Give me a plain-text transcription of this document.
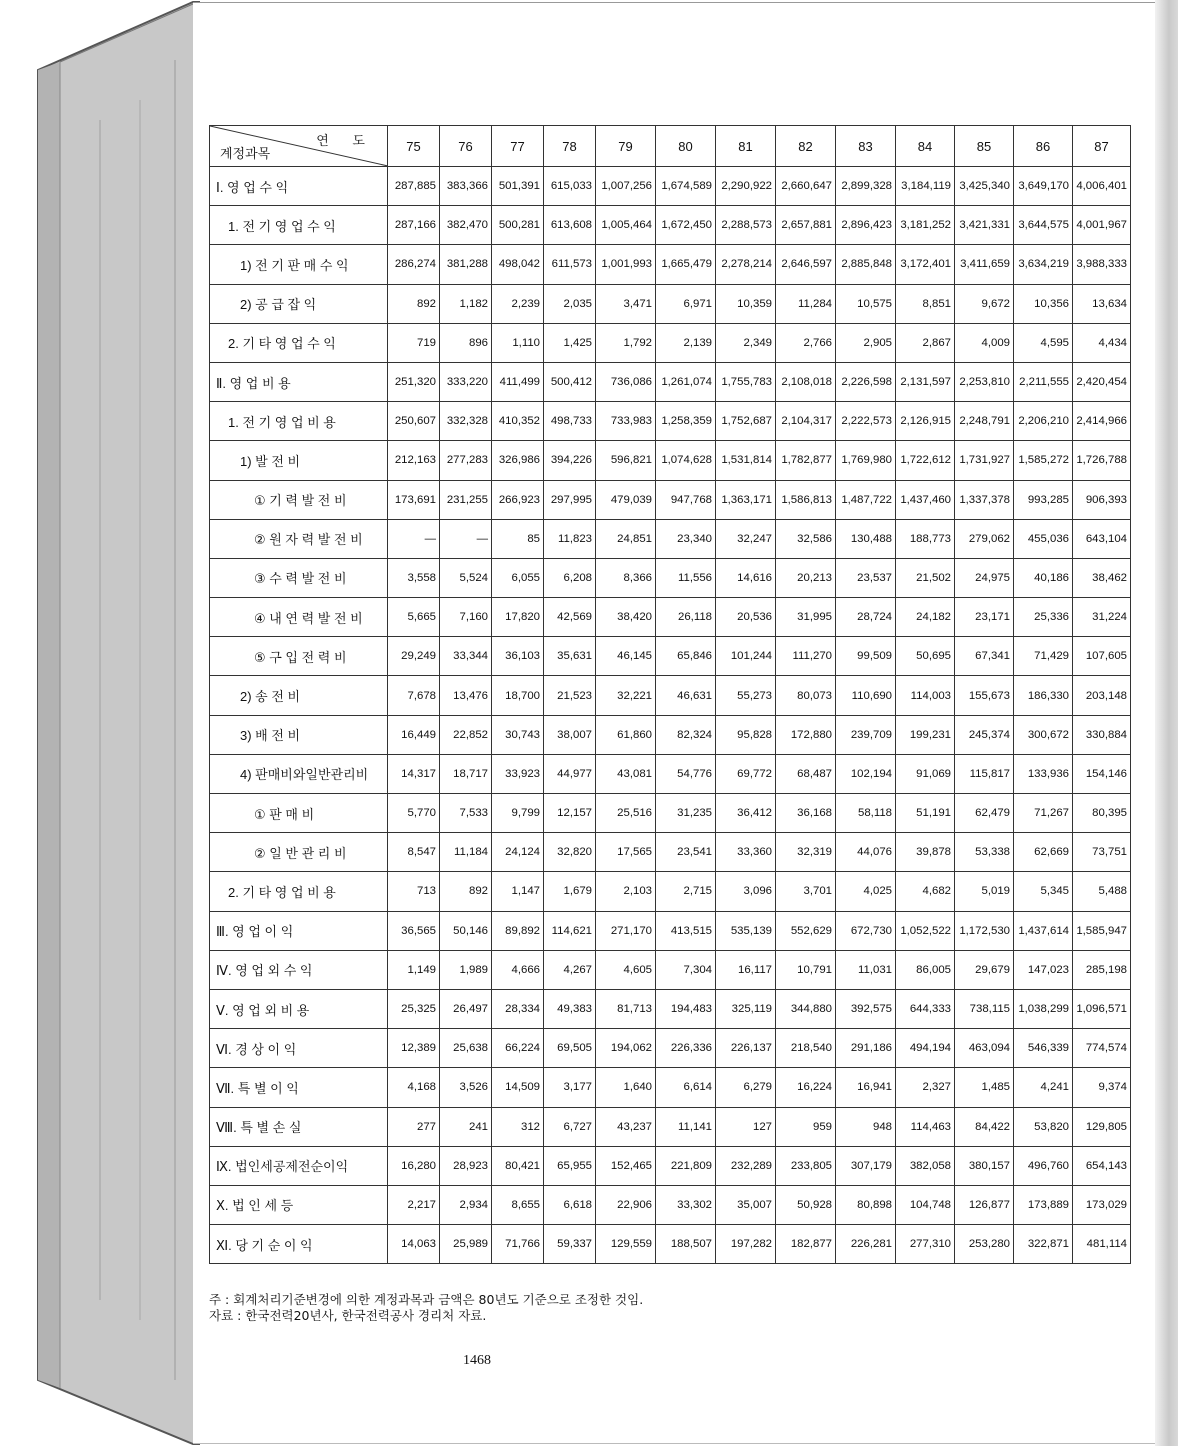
연 도
계정과목	75	76	77	78	79	80	81	82	83	84	85	86	87
Ⅰ. 영 업 수 익	287,885	383,366	501,391	615,033	1,007,256	1,674,589	2,290,922	2,660,647	2,899,328	3,184,119	3,425,340	3,649,170	4,006,401
1. 전 기 영 업 수 익	287,166	382,470	500,281	613,608	1,005,464	1,672,450	2,288,573	2,657,881	2,896,423	3,181,252	3,421,331	3,644,575	4,001,967
1) 전 기 판 매 수 익	286,274	381,288	498,042	611,573	1,001,993	1,665,479	2,278,214	2,646,597	2,885,848	3,172,401	3,411,659	3,634,219	3,988,333
2) 공 급 잡 익	892	1,182	2,239	2,035	3,471	6,971	10,359	11,284	10,575	8,851	9,672	10,356	13,634
2. 기 타 영 업 수 익	719	896	1,110	1,425	1,792	2,139	2,349	2,766	2,905	2,867	4,009	4,595	4,434
Ⅱ. 영 업 비 용	251,320	333,220	411,499	500,412	736,086	1,261,074	1,755,783	2,108,018	2,226,598	2,131,597	2,253,810	2,211,555	2,420,454
1. 전 기 영 업 비 용	250,607	332,328	410,352	498,733	733,983	1,258,359	1,752,687	2,104,317	2,222,573	2,126,915	2,248,791	2,206,210	2,414,966
1) 발 전 비	212,163	277,283	326,986	394,226	596,821	1,074,628	1,531,814	1,782,877	1,769,980	1,722,612	1,731,927	1,585,272	1,726,788
① 기 력 발 전 비	173,691	231,255	266,923	297,995	479,039	947,768	1,363,171	1,586,813	1,487,722	1,437,460	1,337,378	993,285	906,393
② 원 자 력 발 전 비	—	—	85	11,823	24,851	23,340	32,247	32,586	130,488	188,773	279,062	455,036	643,104
③ 수 력 발 전 비	3,558	5,524	6,055	6,208	8,366	11,556	14,616	20,213	23,537	21,502	24,975	40,186	38,462
④ 내 연 력 발 전 비	5,665	7,160	17,820	42,569	38,420	26,118	20,536	31,995	28,724	24,182	23,171	25,336	31,224
⑤ 구 입 전 력 비	29,249	33,344	36,103	35,631	46,145	65,846	101,244	111,270	99,509	50,695	67,341	71,429	107,605
2) 송 전 비	7,678	13,476	18,700	21,523	32,221	46,631	55,273	80,073	110,690	114,003	155,673	186,330	203,148
3) 배 전 비	16,449	22,852	30,743	38,007	61,860	82,324	95,828	172,880	239,709	199,231	245,374	300,672	330,884
4) 판매비와일반관리비	14,317	18,717	33,923	44,977	43,081	54,776	69,772	68,487	102,194	91,069	115,817	133,936	154,146
① 판 매 비	5,770	7,533	9,799	12,157	25,516	31,235	36,412	36,168	58,118	51,191	62,479	71,267	80,395
② 일 반 관 리 비	8,547	11,184	24,124	32,820	17,565	23,541	33,360	32,319	44,076	39,878	53,338	62,669	73,751
2. 기 타 영 업 비 용	713	892	1,147	1,679	2,103	2,715	3,096	3,701	4,025	4,682	5,019	5,345	5,488
Ⅲ. 영 업 이 익	36,565	50,146	89,892	114,621	271,170	413,515	535,139	552,629	672,730	1,052,522	1,172,530	1,437,614	1,585,947
Ⅳ. 영 업 외 수 익	1,149	1,989	4,666	4,267	4,605	7,304	16,117	10,791	11,031	86,005	29,679	147,023	285,198
Ⅴ. 영 업 외 비 용	25,325	26,497	28,334	49,383	81,713	194,483	325,119	344,880	392,575	644,333	738,115	1,038,299	1,096,571
Ⅵ. 경 상 이 익	12,389	25,638	66,224	69,505	194,062	226,336	226,137	218,540	291,186	494,194	463,094	546,339	774,574
Ⅶ. 특 별 이 익	4,168	3,526	14,509	3,177	1,640	6,614	6,279	16,224	16,941	2,327	1,485	4,241	9,374
Ⅷ. 특 별 손 실	277	241	312	6,727	43,237	11,141	127	959	948	114,463	84,422	53,820	129,805
Ⅸ. 법인세공제전순이익	16,280	28,923	80,421	65,955	152,465	221,809	232,289	233,805	307,179	382,058	380,157	496,760	654,143
Ⅹ. 법 인 세 등	2,217	2,934	8,655	6,618	22,906	33,302	35,007	50,928	80,898	104,748	126,877	173,889	173,029
Ⅺ. 당 기 순 이 익	14,063	25,989	71,766	59,337	129,559	188,507	197,282	182,877	226,281	277,310	253,280	322,871	481,114
주 : 회계처리기준변경에 의한 계정과목과 금액은 80년도 기준으로 조정한 것임.
자료 : 한국전력20년사, 한국전력공사 경리처 자료.
1468
